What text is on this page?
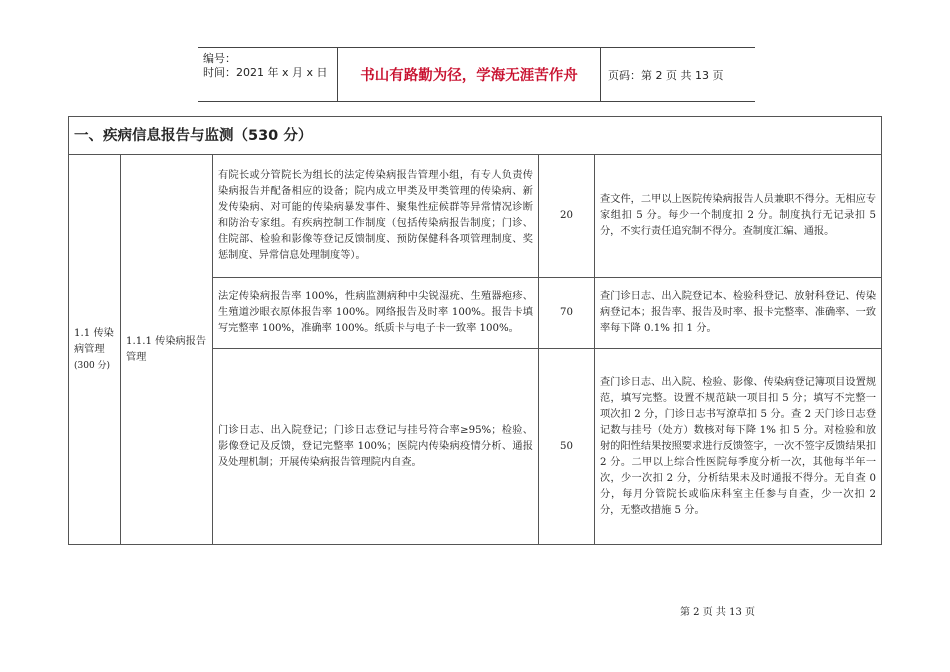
编号：
时间：2021 年 x 月 x 日	书山有路勤为径，学海无涯苦作舟	页码：第 2 页 共 13 页
一、疾病信息报告与监测（530 分）				

1.1 传染病管理
(300 分)	1.1.1 传染病报告管理	有院长或分管院长为组长的法定传染病报告管理小组，有专人负责传染病报告并配备相应的设备；院内成立甲类及甲类管理的传染病、新发传染病、对可能的传染病暴发事件、聚集性症候群等异常情况诊断和防治专家组。有疾病控制工作制度（包括传染病报告制度；门诊、住院部、检验和影像等登记反馈制度、预防保健科各项管理制度、奖惩制度、异常信息处理制度等）。	20	查文件，二甲以上医院传染病报告人员兼职不得分。无相应专家组扣 5 分。每少一个制度扣 2 分。制度执行无记录扣 5 分，不实行责任追究制不得分。查制度汇编、通报。
		法定传染病报告率 100%，性病监测病种中尖锐湿疣、生殖器疱疹、生殖道沙眼衣原体报告率 100%。网络报告及时率 100%。报告卡填写完整率 100%，准确率 100%。纸质卡与电子卡一致率 100%。	70	查门诊日志、出入院登记本、检验科登记、放射科登记、传染病登记本；报告率、报告及时率、报卡完整率、准确率、一致率每下降 0.1% 扣 1 分。
		门诊日志、出入院登记；门诊日志登记与挂号符合率≥95%；检验、影像登记及反馈，登记完整率 100%；医院内传染病疫情分析、通报及处理机制；开展传染病报告管理院内自查。	50	查门诊日志、出入院、检验、影像、传染病登记簿项目设置规范，填写完整。设置不规范缺一项目扣 5 分；填写不完整一项次扣 2 分，门诊日志书写潦草扣 5 分。查 2 天门诊日志登记数与挂号（处方）数核对每下降 1% 扣 5 分。对检验和放射的阳性结果按照要求进行反馈签字，一次不签字反馈结果扣 2 分。二甲以上综合性医院每季度分析一次，其他每半年一次，少一次扣 2 分，分析结果未及时通报不得分。无自查 0 分，每月分管院长或临床科室主任参与自查，少一次扣 2 分，无整改措施 5 分。
第 2 页 共 13 页
